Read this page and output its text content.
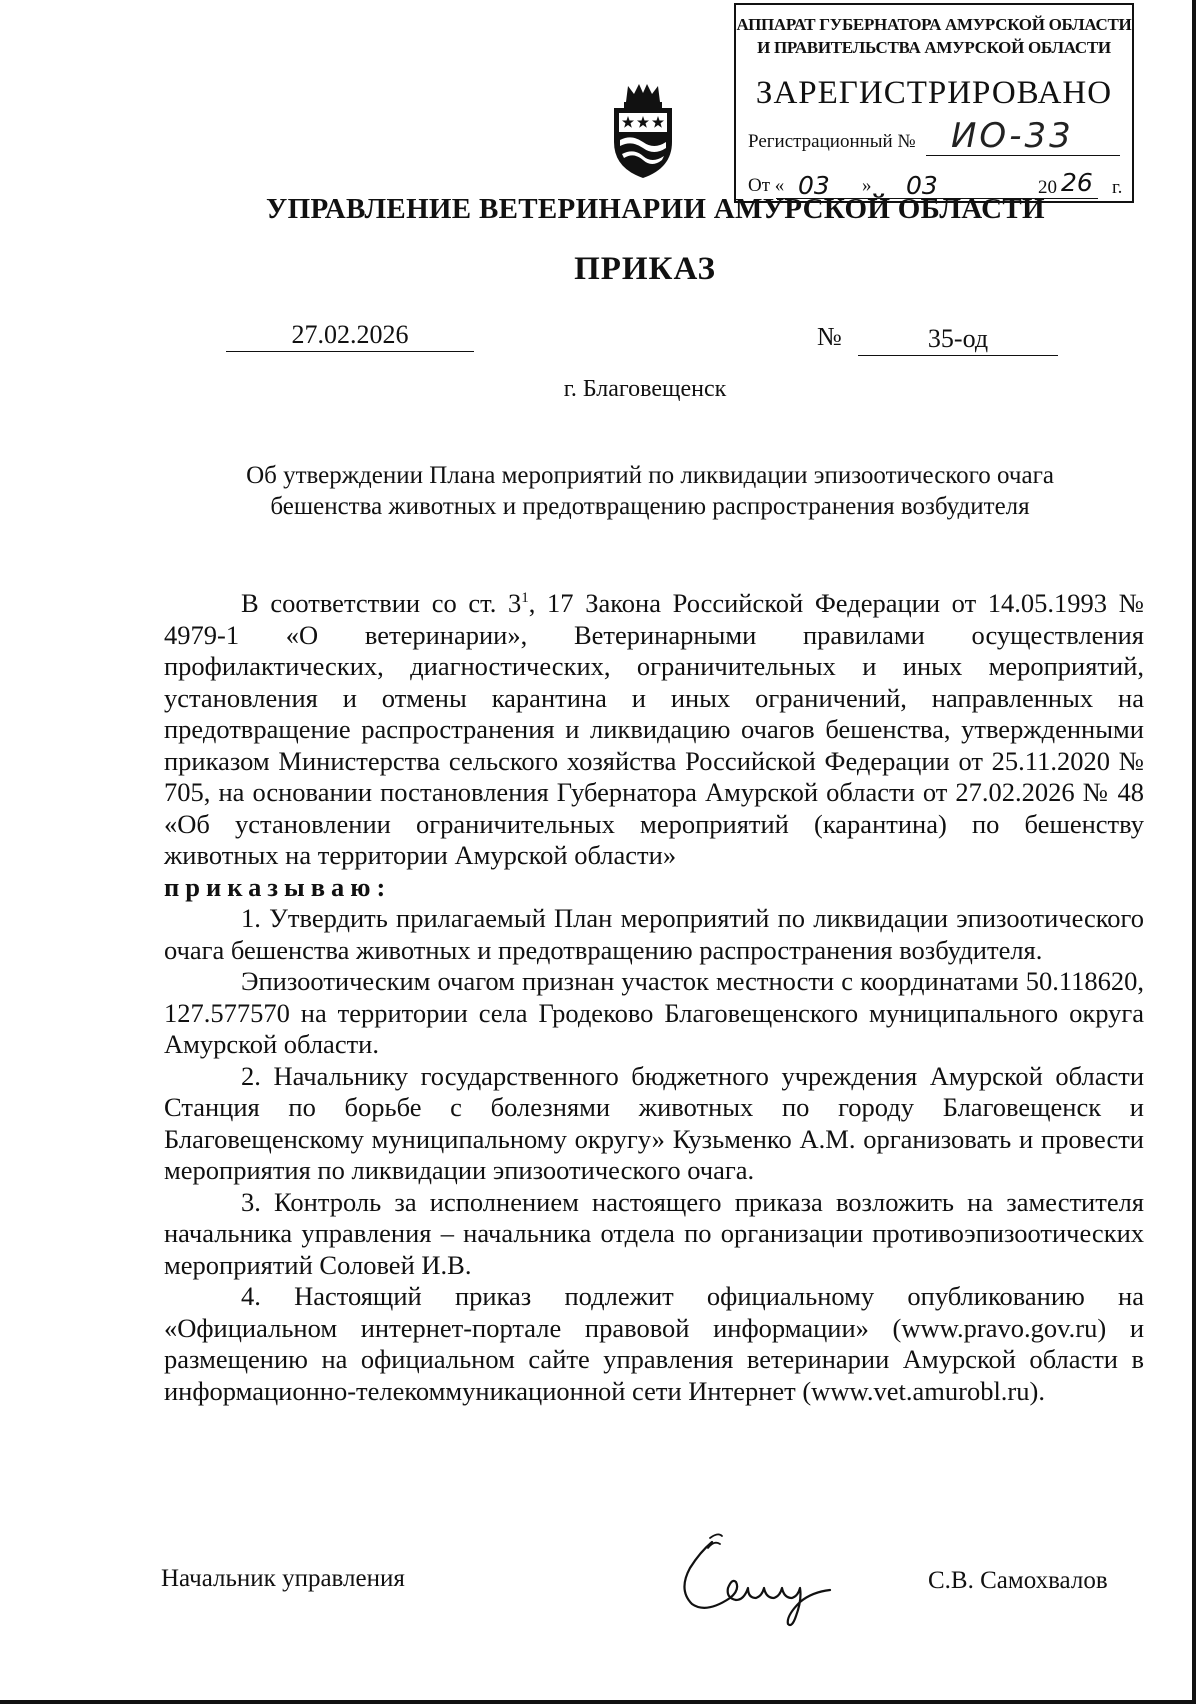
АППАРАТ ГУБЕРНАТОРА АМУРСКОЙ ОБЛАСТИ
И ПРАВИТЕЛЬСТВА АМУРСКОЙ ОБЛАСТИ
ЗАРЕГИСТРИРОВАНО
Регистрационный № ИО-33
От « 03 » 03	20 26 г.
УПРАВЛЕНИЕ ВЕТЕРИНАРИИ АМУРСКОЙ ОБЛАСТИ
ПРИКАЗ
27.02.2026	№	35-од
г. Благовещенск
Об утверждении Плана мероприятий по ликвидации эпизоотического очага
бешенства животных и предотвращению распространения возбудителя

В соответствии со ст. $3^1$, 17 Закона Российской Федерации от 14.05.1993 № 4979-1 «О ветеринарии», Ветеринарными правилами осуществления профилактических, диагностических, ограничительных и иных мероприятий, установления и отмены карантина и иных ограничений, направленных на предотвращение распространения и ликвидацию очагов бешенства, утвержденными приказом Министерства сельского хозяйства Российской Федерации от 25.11.2020 № 705, на основании постановления Губернатора Амурской области от 27.02.2026 № 48 «Об установлении ограничительных мероприятий (карантина) по бешенству животных на территории Амурской области»

приказываю:

1. Утвердить прилагаемый План мероприятий по ликвидации эпизоотического очага бешенства животных и предотвращению распространения возбудителя.

Эпизоотическим очагом признан участок местности с координатами 50.118620, 127.577570 на территории села Гродеково Благовещенского муниципального округа Амурской области.

2. Начальнику государственного бюджетного учреждения Амурской области Станция по борьбе с болезнями животных по городу Благовещенск и Благовещенскому муниципальному округу» Кузьменко А.М. организовать и провести мероприятия по ликвидации эпизоотического очага.

3. Контроль за исполнением настоящего приказа возложить на заместителя начальника управления – начальника отдела по организации противоэпизоотических мероприятий Соловей И.В.

4. Настоящий приказ подлежит официальному опубликованию на «Официальном интернет-портале правовой информации» (www.pravo.gov.ru) и размещению на официальном сайте управления ветеринарии Амурской области в информационно-телекоммуникационной сети Интернет (www.vet.amurobl.ru).

Начальник управления	С.В. Самохвалов
